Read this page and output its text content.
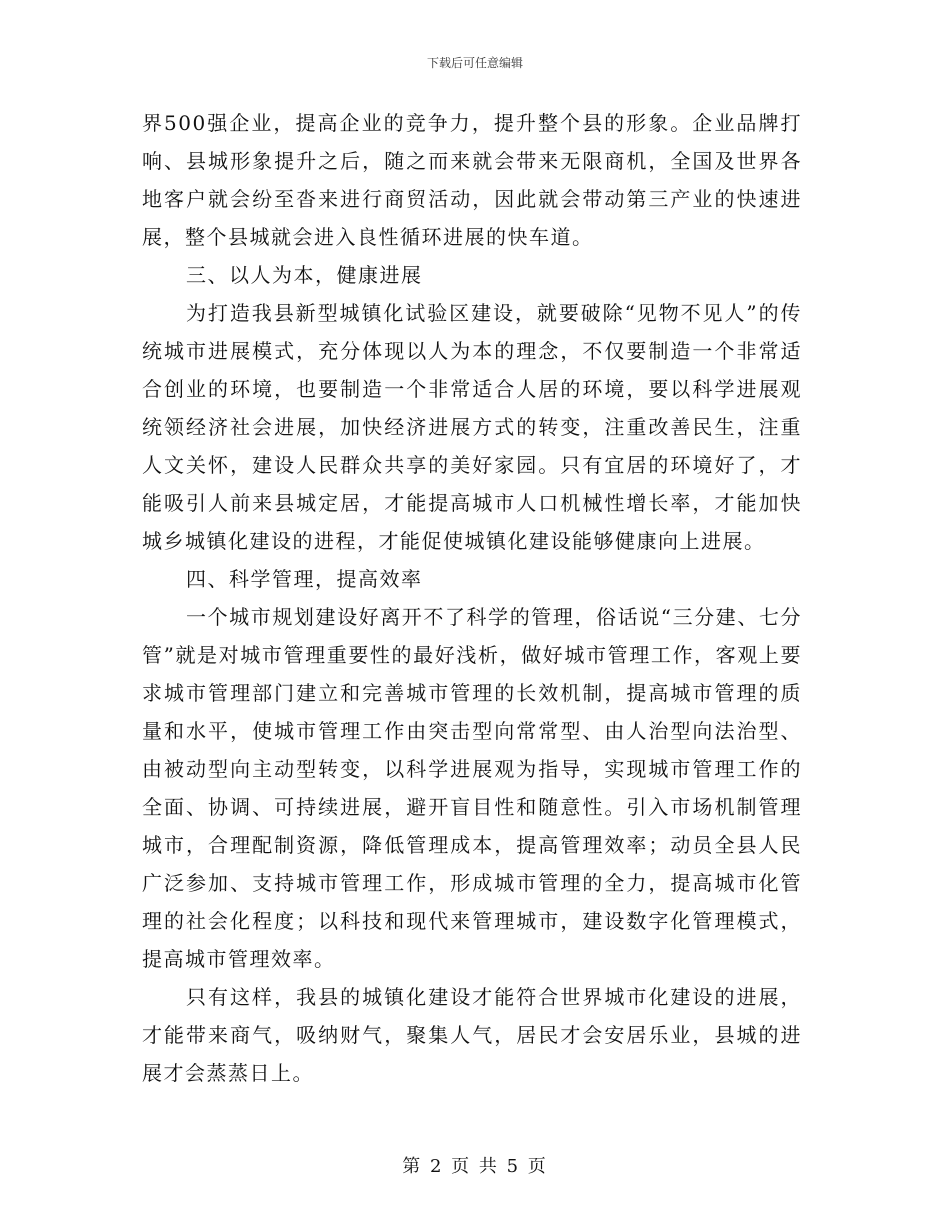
下载后可任意编辑

界500强企业，提高企业的竞争力，提升整个县的形象。企业品牌打响、县城形象提升之后，随之而来就会带来无限商机，全国及世界各地客户就会纷至沓来进行商贸活动，因此就会带动第三产业的快速进展，整个县城就会进入良性循环进展的快车道。

三、以人为本，健康进展

为打造我县新型城镇化试验区建设，就要破除“见物不见人”的传统城市进展模式，充分体现以人为本的理念，不仅要制造一个非常适合创业的环境，也要制造一个非常适合人居的环境，要以科学进展观统领经济社会进展，加快经济进展方式的转变，注重改善民生，注重人文关怀，建设人民群众共享的美好家园。只有宜居的环境好了，才能吸引人前来县城定居，才能提高城市人口机械性增长率，才能加快城乡城镇化建设的进程，才能促使城镇化建设能够健康向上进展。

四、科学管理，提高效率

一个城市规划建设好离开不了科学的管理，俗话说“三分建、七分管”就是对城市管理重要性的最好浅析，做好城市管理工作，客观上要求城市管理部门建立和完善城市管理的长效机制，提高城市管理的质量和水平，使城市管理工作由突击型向常常型、由人治型向法治型、由被动型向主动型转变，以科学进展观为指导，实现城市管理工作的全面、协调、可持续进展，避开盲目性和随意性。引入市场机制管理城市，合理配制资源，降低管理成本，提高管理效率；动员全县人民广泛参加、支持城市管理工作，形成城市管理的全力，提高城市化管理的社会化程度；以科技和现代来管理城市，建设数字化管理模式，提高城市管理效率。

只有这样，我县的城镇化建设才能符合世界城市化建设的进展，才能带来商气，吸纳财气，聚集人气，居民才会安居乐业，县城的进展才会蒸蒸日上。

第 2 页 共 5 页
